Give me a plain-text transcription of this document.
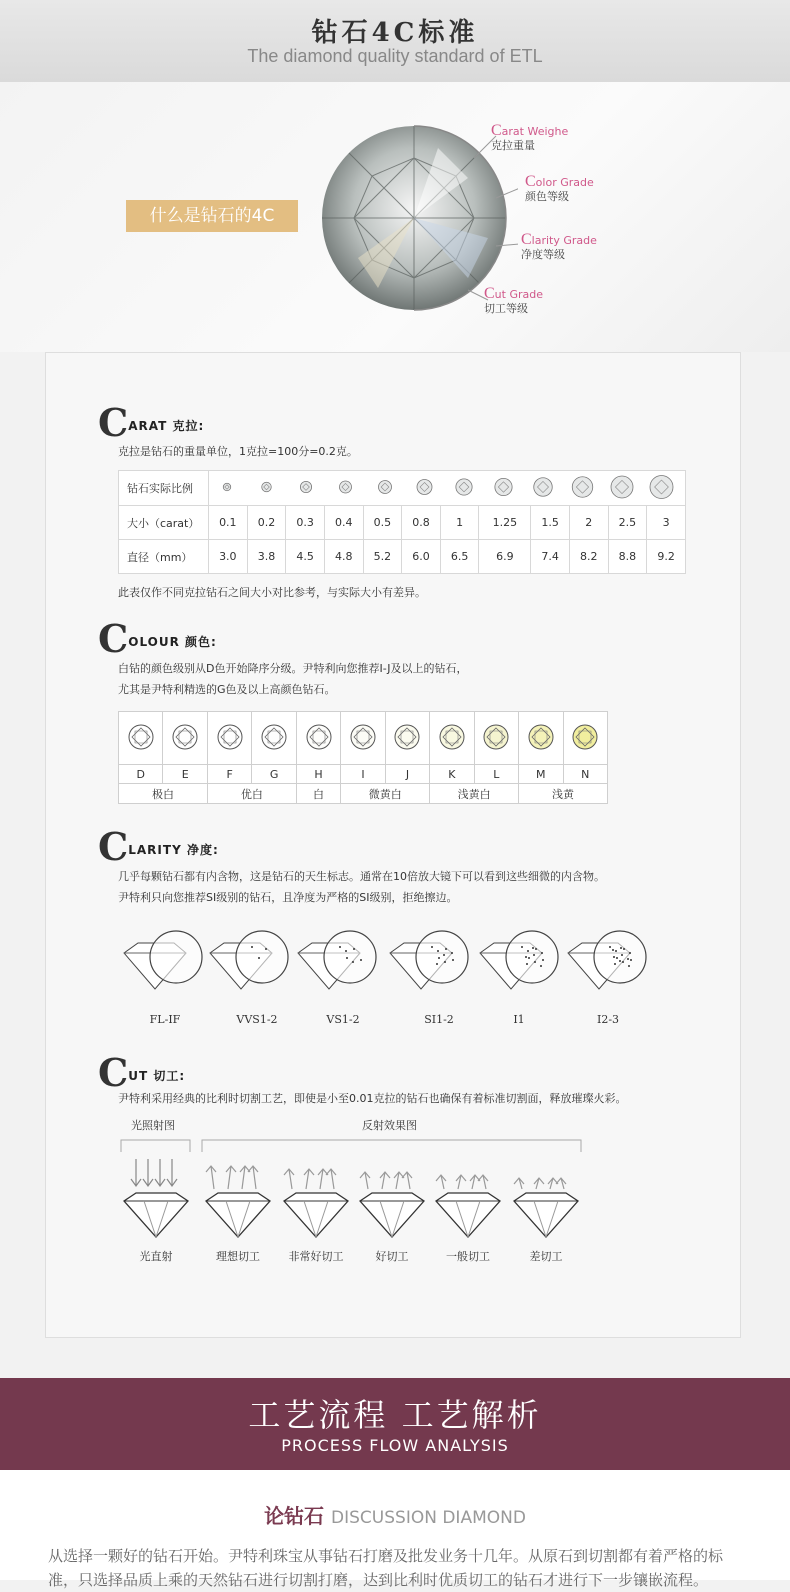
钻石4C标准
The diamond quality standard of ETL
什么是钻石的4C
Carat Weighe
克拉重量
Color Grade
颜色等级
Clarity Grade
净度等级
Cut Grade
切工等级
CARAT 克拉:
克拉是钻石的重量单位，1克拉=100分=0.2克。
钻石实际比例	
大小（carat）	0.1	0.2	0.3	0.4	0.5	0.8	1	1.25	1.5	2	2.5	3
直径（mm）	3.0	3.8	4.5	4.8	5.2	6.0	6.5	6.9	7.4	8.2	8.8	9.2
此表仅作不同克拉钻石之间大小对比参考，与实际大小有差异。
COLOUR 颜色:
白钻的颜色级别从D色开始降序分级。尹特利向您推荐I-J及以上的钻石，
尤其是尹特利精选的G色及以上高颜色钻石。

D	E	F	G	H	I	J	K	L	M	N
极白		优白		白	微黄白		浅黄白		浅黄	
CLARITY 净度:
几乎每颗钻石都有内含物，这是钻石的天生标志。通常在10倍放大镜下可以看到这些细微的内含物。
尹特利只向您推荐SI级别的钻石，且净度为严格的SI级别，拒绝擦边。
FL-IF	VVS1-2	VS1-2	SI1-2	I1	I2-3
CUT 切工:
尹特利采用经典的比利时切割工艺，即使是小至0.01克拉的钻石也确保有着标准切割面，释放璀璨火彩。
光照射图	反射效果图
光直射	理想切工	非常好切工	好切工	一般切工	差切工
工艺流程 工艺解析
PROCESS FLOW ANALYSIS
论钻石 DISCUSSION DIAMOND
从选择一颗好的钻石开始。尹特利珠宝从事钻石打磨及批发业务十几年。从原石到切割都有着严格的标准，只选择品质上乘的天然钻石进行切割打磨，达到比利时优质切工的钻石才进行下一步镶嵌流程。
